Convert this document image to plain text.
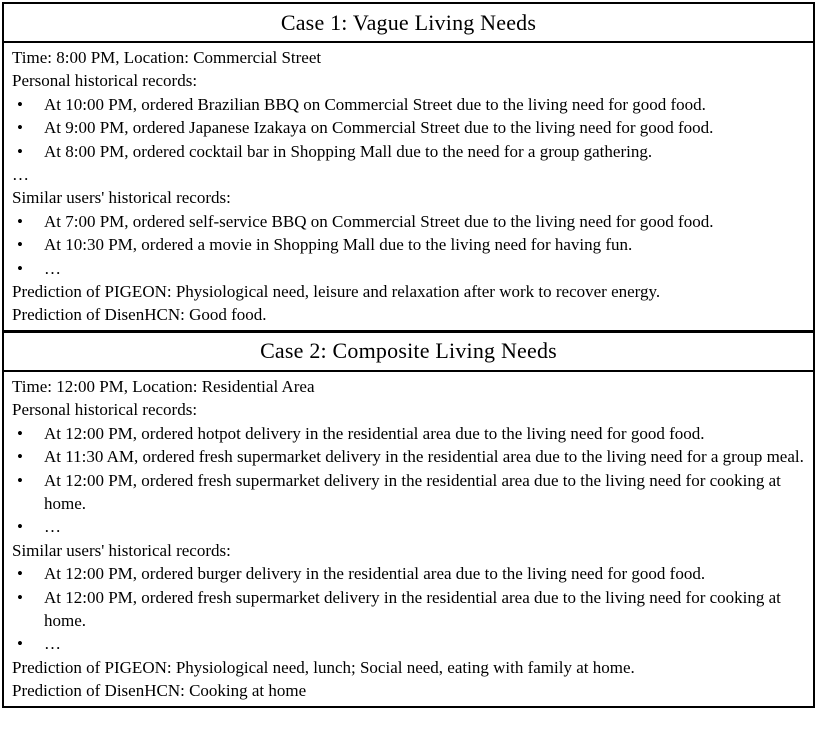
Case 1: Vague Living Needs
Time: 8:00 PM, Location: Commercial Street
Personal historical records:
•	At 10:00 PM, ordered Brazilian BBQ on Commercial Street due to the living need for good food.
•	At 9:00 PM, ordered Japanese Izakaya on Commercial Street due to the living need for good food.
•	At 8:00 PM, ordered cocktail bar in Shopping Mall due to the need for a group gathering.
…
Similar users' historical records:
•	At 7:00 PM, ordered self-service BBQ on Commercial Street due to the living need for good food.
•	At 10:30 PM, ordered a movie in Shopping Mall due to the living need for having fun.
•	…
Prediction of PIGEON: Physiological need, leisure and relaxation after work to recover energy.
Prediction of DisenHCN: Good food.
Case 2: Composite Living Needs
Time: 12:00 PM, Location: Residential Area
Personal historical records:
•	At 12:00 PM, ordered hotpot delivery in the residential area due to the living need for good food.
•	At 11:30 AM, ordered fresh supermarket delivery in the residential area due to the living need for a group meal.
•	At 12:00 PM, ordered fresh supermarket delivery in the residential area due to the living need for cooking at home.
•	…
Similar users' historical records:
•	At 12:00 PM, ordered burger delivery in the residential area due to the living need for good food.
•	At 12:00 PM, ordered fresh supermarket delivery in the residential area due to the living need for cooking at home.
•	…
Prediction of PIGEON: Physiological need, lunch; Social need, eating with family at home.
Prediction of DisenHCN: Cooking at home
